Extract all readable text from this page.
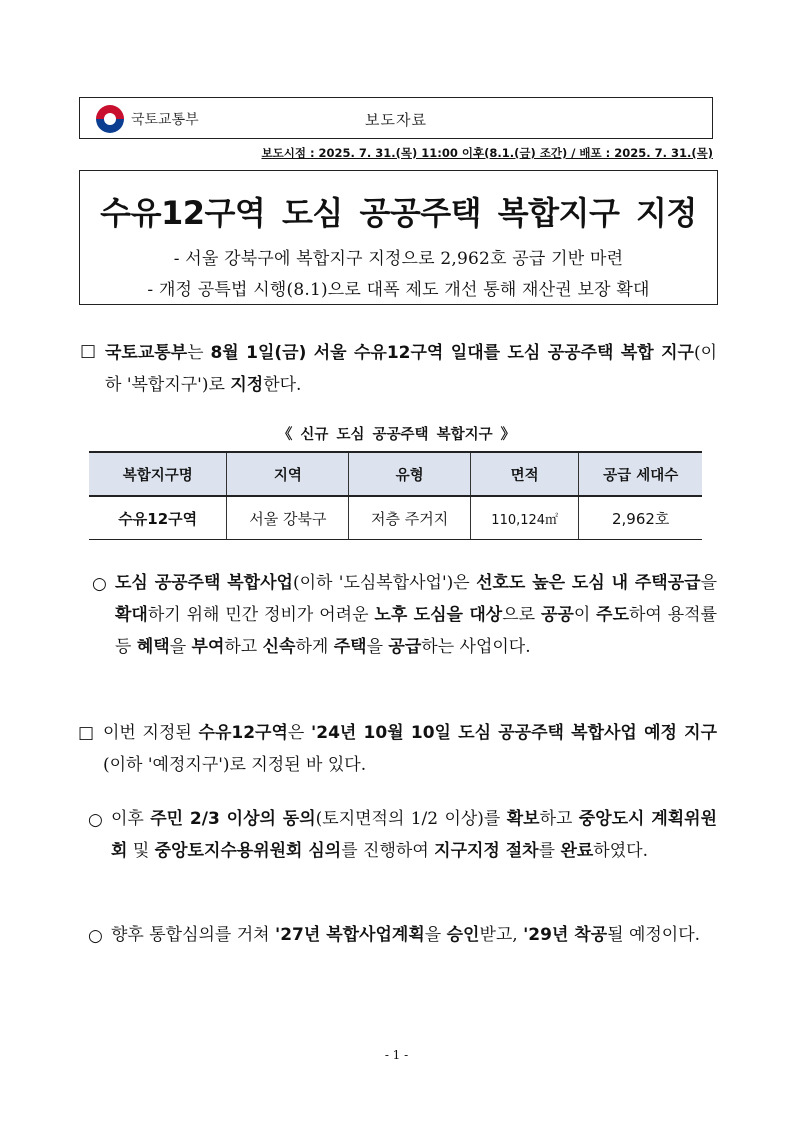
국토교통부	보도자료
보도시점 : 2025. 7. 31.(목) 11:00 이후(8.1.(금) 조간) / 배포 : 2025. 7. 31.(목)
수유12구역 도심 공공주택 복합지구 지정
- 서울 강북구에 복합지구 지정으로 2,962호 공급 기반 마련
- 개정 공특법 시행(8.1)으로 대폭 제도 개선 통해 재산권 보장 확대
□ 국토교통부는 8월 1일(금) 서울 수유12구역 일대를 도심 공공주택 복합 지구(이하 '복합지구')로 지정한다.
《 신규 도심 공공주택 복합지구 》
복합지구명	지역	유형	면적	공급 세대수
수유12구역	서울 강북구	저층 주거지	110,124㎡	2,962호
○ 도심 공공주택 복합사업(이하 '도심복합사업')은 선호도 높은 도심 내 주택공급을 확대하기 위해 민간 정비가 어려운 노후 도심을 대상으로 공공이 주도하여 용적률 등 혜택을 부여하고 신속하게 주택을 공급하는 사업이다.
□ 이번 지정된 수유12구역은 '24년 10월 10일 도심 공공주택 복합사업 예정 지구(이하 '예정지구')로 지정된 바 있다.
○ 이후 주민 2/3 이상의 동의(토지면적의 1/2 이상)를 확보하고 중앙도시 계획위원회 및 중앙토지수용위원회 심의를 진행하여 지구지정 절차를 완료하였다.
○ 향후 통합심의를 거쳐 '27년 복합사업계획을 승인받고, '29년 착공될 예정이다.
- 1 -
